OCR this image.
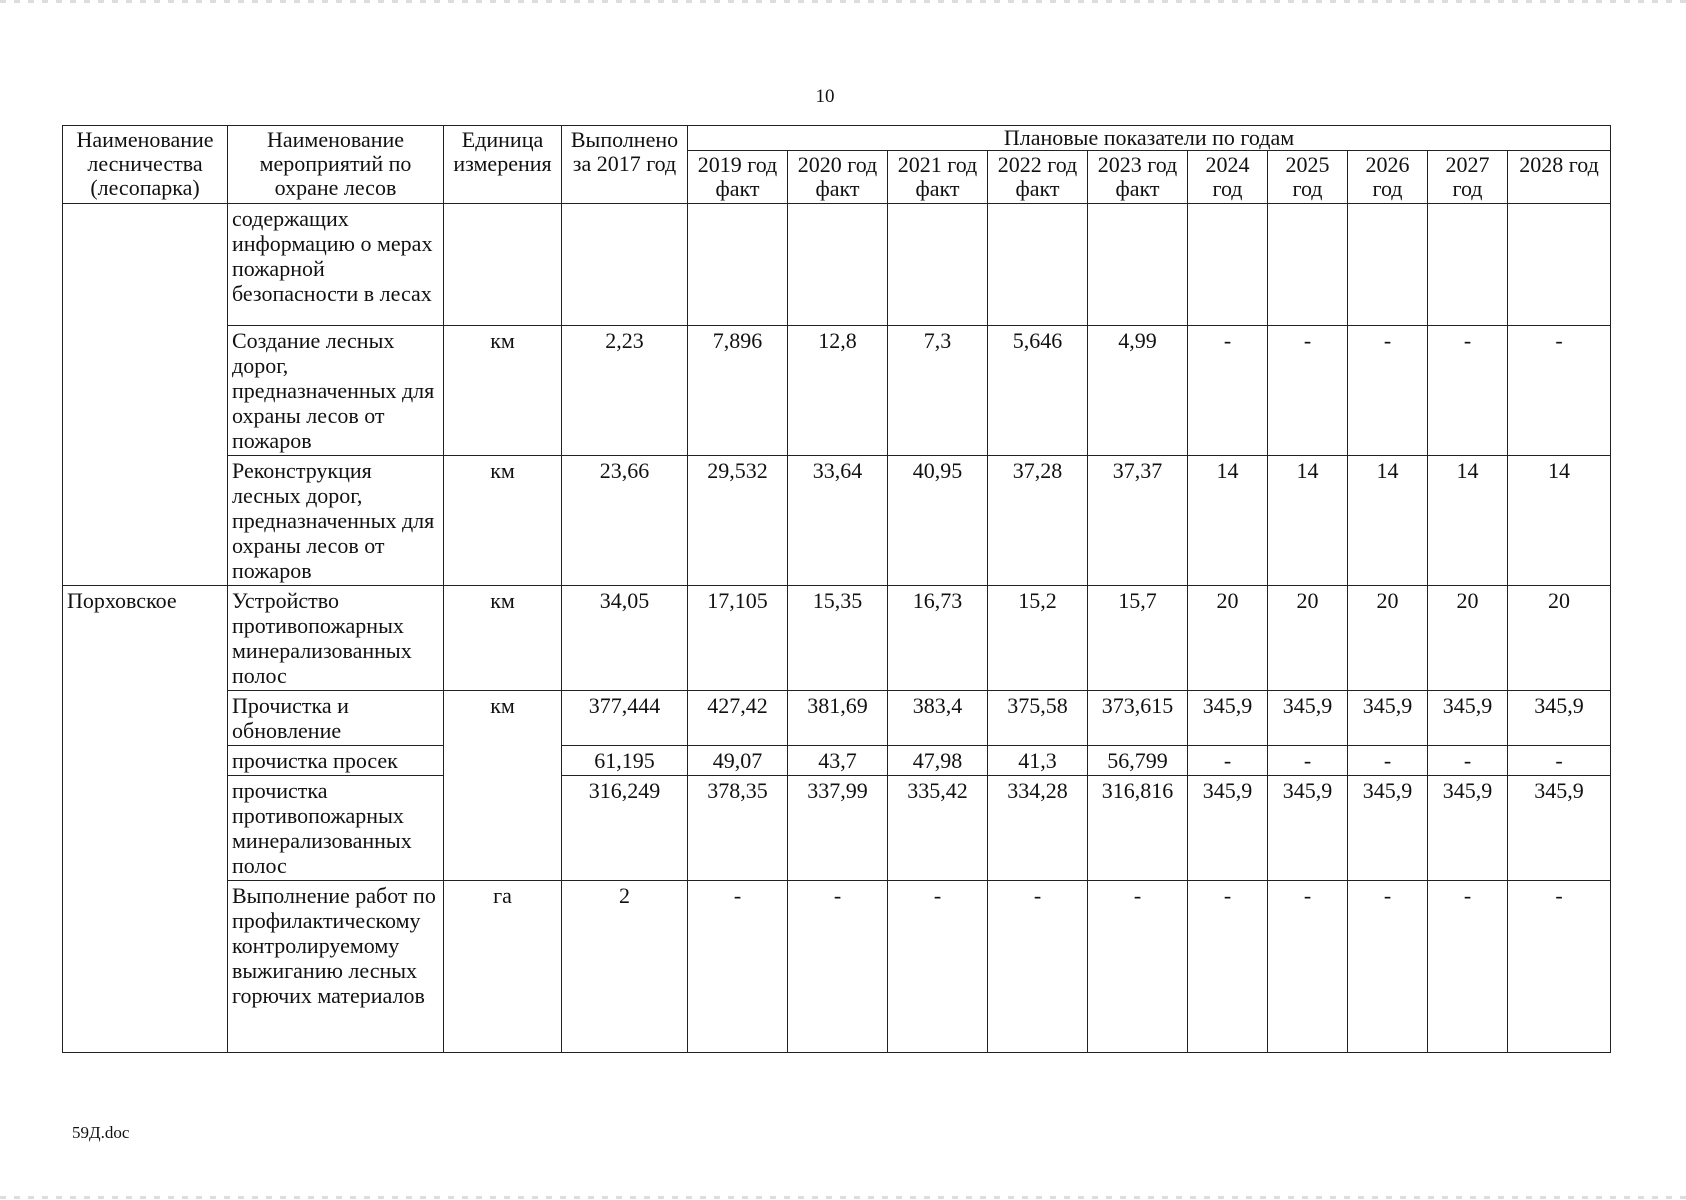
10
Наименование лесничества (лесопарка)	Наименование мероприятий по охране лесов	Единица измерения	Выполнено за 2017 год	Плановые показатели по годам									
				2019 год факт	2020 год факт	2021 год факт	2022 год факт	2023 год факт	2024 год	2025 год	2026 год	2027 год	2028 год
	содержащих информацию о мерах пожарной безопасности в лесах												
	Создание лесных дорог, предназначенных для охраны лесов от пожаров	км	2,23	7,896	12,8	7,3	5,646	4,99	-	-	-	-	-
	Реконструкция лесных дорог, предназначенных для охраны лесов от пожаров	км	23,66	29,532	33,64	40,95	37,28	37,37	14	14	14	14	14
Порховское	Устройство противопожарных минерализованных полос	км	34,05	17,105	15,35	16,73	15,2	15,7	20	20	20	20	20
	Прочистка и обновление	км	377,444	427,42	381,69	383,4	375,58	373,615	345,9	345,9	345,9	345,9	345,9
	прочистка просек		61,195	49,07	43,7	47,98	41,3	56,799	-	-	-	-	-
	прочистка противопожарных минерализованных полос		316,249	378,35	337,99	335,42	334,28	316,816	345,9	345,9	345,9	345,9	345,9
	Выполнение работ по профилактическому контролируемому выжиганию лесных горючих материалов	га	2	-	-	-	-	-	-	-	-	-	-
59Д.doc
